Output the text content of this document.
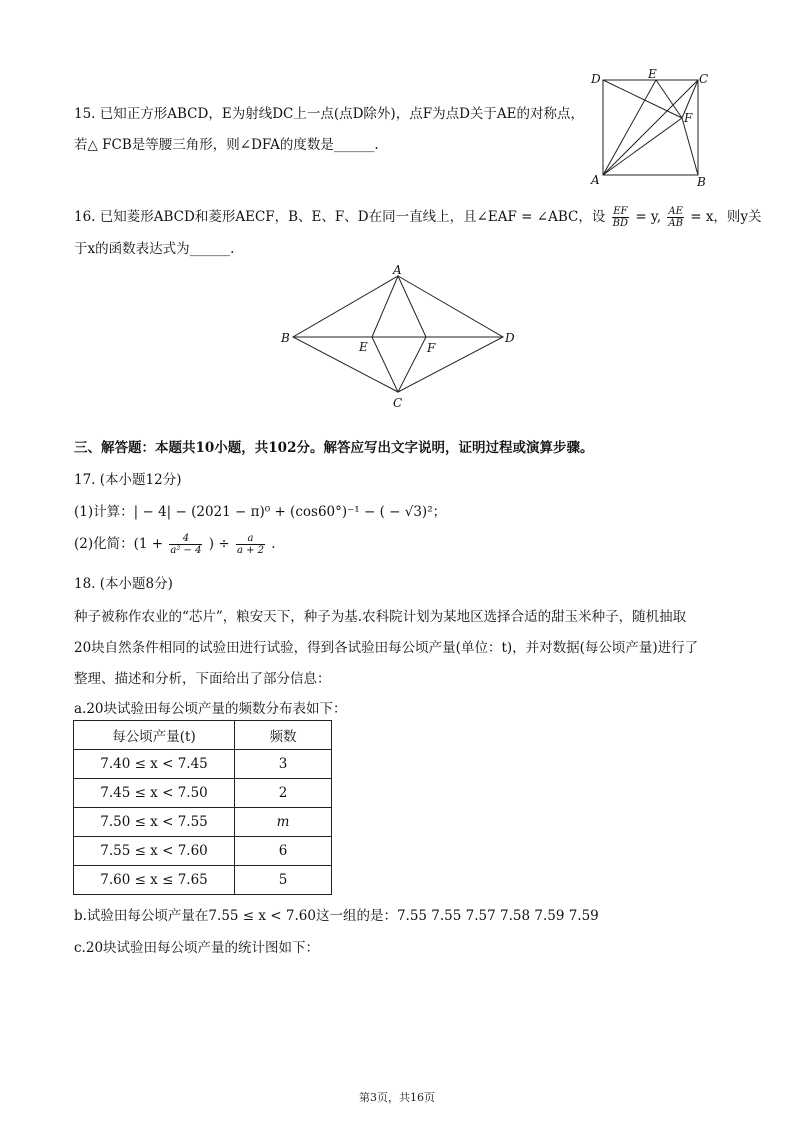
15. 已知正方形ABCD，E为射线DC上一点(点D除外)，点F为点D关于AE的对称点，
若△ FCB是等腰三角形，则∠DFA的度数是______.
D	E	C
F
A	B
16. 已知菱形ABCD和菱形AECF，B、E、F、D在同一直线上，且∠EAF = ∠ABC，设 $\frac{EF}{BD} = y$, $\frac{AE}{AB} = x$，则y关
于x的函数表达式为______.
A
B
E	F
D
C
三、解答题：本题共10小题，共102分。解答应写出文字说明，证明过程或演算步骤。
17. (本小题12分)
(1)计算：| − 4| − (2021 − π)⁰ + (cos60°)⁻¹ − ( − √3)²；
(2)化简：($1 + \frac{4}{\text{a² − 4}}$ ) ÷ $\frac{a}{a + 2}$ .
18. (本小题8分)
种子被称作农业的“芯片”，粮安天下，种子为基.农科院计划为某地区选择合适的甜玉米种子，随机抽取
20块自然条件相同的试验田进行试验，得到各试验田每公顷产量(单位：t)，并对数据(每公顷产量)进行了
整理、描述和分析，下面给出了部分信息：
a.20块试验田每公顷产量的频数分布表如下：
每公顷产量(t)	频数
7.40 ≤ x < 7.45	3
7.45 ≤ x < 7.50	2
7.50 ≤ x < 7.55	m
7.55 ≤ x < 7.60	6
7.60 ≤ x ≤ 7.65	5
b.试验田每公顷产量在7.55 ≤ x < 7.60这一组的是：7.55 7.55 7.57 7.58 7.59 7.59
c.20块试验田每公顷产量的统计图如下：
第3页，共16页
